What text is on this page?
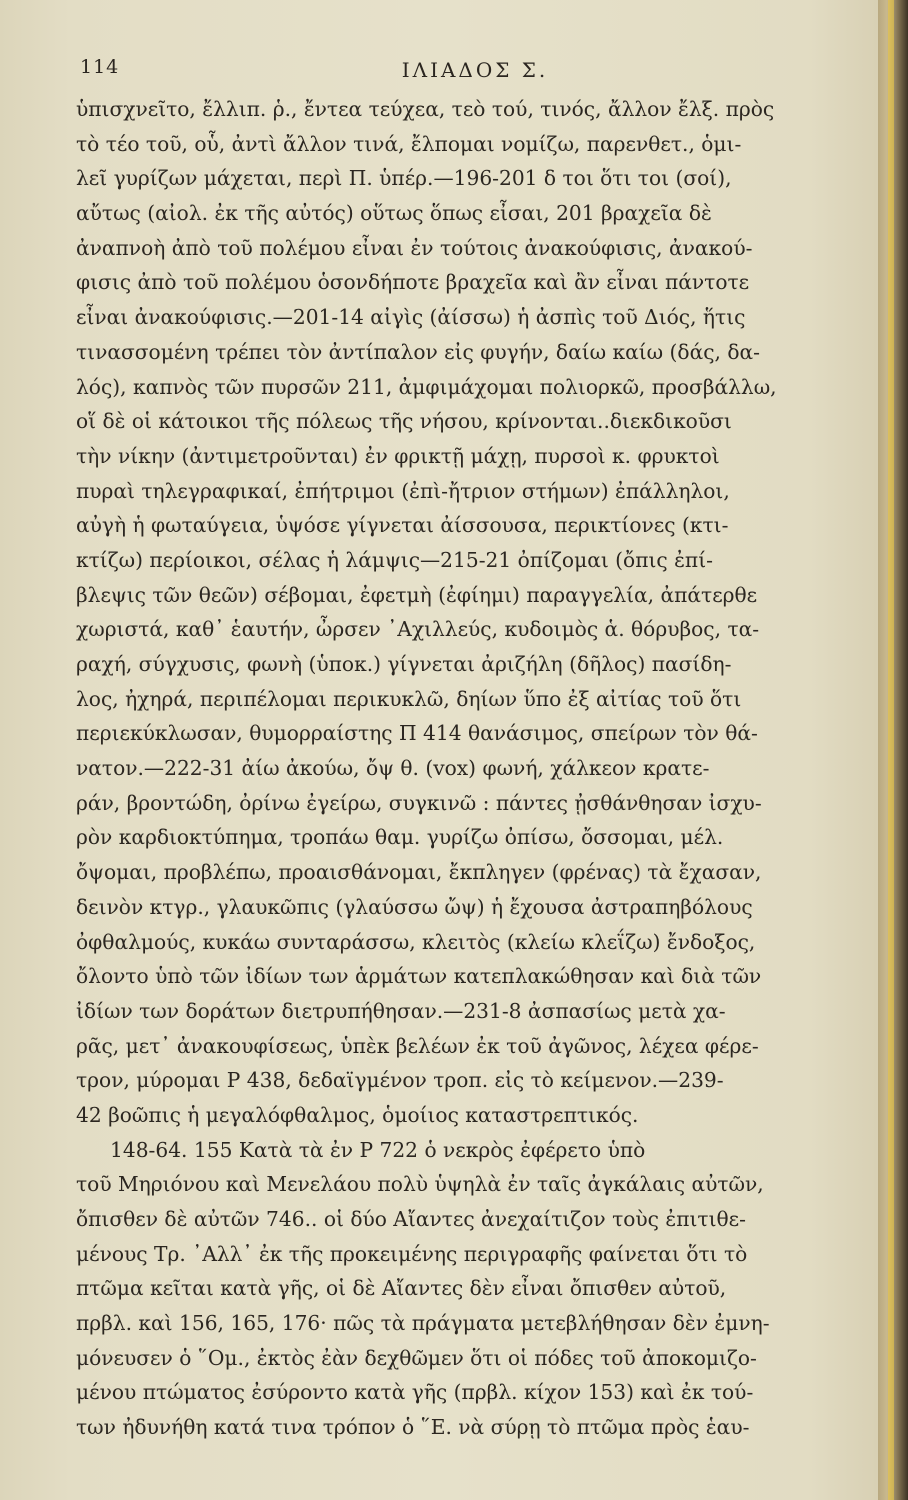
114	ΙΛΙΑΔΟΣ Σ.
ὑπισχνεῖτο, ἔλλιπ. ῥ., ἔντεα τεύχεα, τεὸ τού, τινός, ἄλλον ἔλξ. πρὸς
τὸ τέο τοῦ, οὗ, ἀντὶ ἄλλον τινά, ἔλπομαι νομίζω, παρενθετ., ὁμι-
λεῖ γυρίζων μάχεται, περὶ Π. ὑπέρ.—196-201 δ τοι ὅτι τοι (σοί),
αὔτως (αἰολ. ἐκ τῆς αὐτός) οὕτως ὅπως εἶσαι, 201 βραχεῖα δὲ
ἀναπνοὴ ἀπὸ τοῦ πολέμου εἶναι ἐν τούτοις ἀνακούφισις, ἀνακού-
φισις ἀπὸ τοῦ πολέμου ὁσονδήποτε βραχεῖα καὶ ἂν εἶναι πάντοτε
εἶναι ἀνακούφισις.—201-14 αἰγὶς (ἀίσσω) ἡ ἀσπὶς τοῦ Διός, ἥτις
τινασσομένη τρέπει τὸν ἀντίπαλον εἰς φυγήν, δαίω καίω (δάς, δα-
λός), καπνὸς τῶν πυρσῶν 211, ἀμφιμάχομαι πολιορκῶ, προσβάλλω,
οἵ δὲ οἱ κάτοικοι τῆς πόλεως τῆς νήσου, κρίνονται..διεκδικοῦσι
τὴν νίκην (ἀντιμετροῦνται) ἐν φρικτῇ μάχῃ, πυρσοὶ κ. φρυκτοὶ
πυραὶ τηλεγραφικαί, ἐπήτριμοι (ἐπὶ-ἤτριον στήμων) ἐπάλληλοι,
αὐγὴ ἡ φωταύγεια, ὑψόσε γίγνεται ἀίσσουσα, περικτίονες (κτι-
κτίζω) περίοικοι, σέλας ἡ λάμψις—215-21 ὀπίζομαι (ὄπις ἐπί-
βλεψις τῶν θεῶν) σέβομαι, ἐφετμὴ (ἐφίημι) παραγγελία, ἀπάτερθε
χωριστά, καθ᾽ ἑαυτήν, ὦρσεν ᾽Αχιλλεύς, κυδοιμὸς ἁ. θόρυβος, τα-
ραχή, σύγχυσις, φωνὴ (ὑποκ.) γίγνεται ἀριζήλη (δῆλος) πασίδη-
λος, ἠχηρά, περιπέλομαι περικυκλῶ, δηίων ὕπο ἐξ αἰτίας τοῦ ὅτι
περιεκύκλωσαν, θυμορραίστης Π 414 θανάσιμος, σπείρων τὸν θά-
νατον.—222-31 ἀίω ἀκούω, ὄψ θ. (vox) φωνή, χάλκεον κρατε-
ράν, βροντώδη, ὀρίνω ἐγείρω, συγκινῶ : πάντες ᾐσθάνθησαν ἰσχυ-
ρὸν καρδιοκτύπημα, τροπάω θαμ. γυρίζω ὀπίσω, ὄσσομαι, μέλ.
ὄψομαι, προβλέπω, προαισθάνομαι, ἔκπληγεν (φρένας) τὰ ἔχασαν,
δεινὸν κτγρ., γλαυκῶπις (γλαύσσω ὤψ) ἡ ἔχουσα ἀστραπηβόλους
ὀφθαλμούς, κυκάω συνταράσσω, κλειτὸς (κλείω κλεΐζω) ἔνδοξος,
ὄλοντο ὑπὸ τῶν ἰδίων των ἁρμάτων κατεπλακώθησαν καὶ διὰ τῶν
ἰδίων των δοράτων διετρυπήθησαν.—231-8 ἀσπασίως μετὰ χα-
ρᾶς, μετ᾽ ἀνακουφίσεως, ὑπὲκ βελέων ἐκ τοῦ ἀγῶνος, λέχεα φέρε-
τρον, μύρομαι Ρ 438, δεδαϊγμένον τροπ. εἰς τὸ κείμενον.—239-
42 βοῶπις ἡ μεγαλόφθαλμος, ὁμοίιος καταστρεπτικός.
148-64. 155 Κατὰ τὰ ἐν Ρ 722 ὁ νεκρὸς ἐφέρετο ὑπὸ
τοῦ Μηριόνου καὶ Μενελάου πολὺ ὑψηλὰ ἐν ταῖς ἀγκάλαις αὐτῶν,
ὄπισθεν δὲ αὐτῶν 746.. οἱ δύο Αἴαντες ἀνεχαίτιζον τοὺς ἐπιτιθε-
μένους Τρ. ᾽Αλλ᾽ ἐκ τῆς προκειμένης περιγραφῆς φαίνεται ὅτι τὸ
πτῶμα κεῖται κατὰ γῆς, οἱ δὲ Αἴαντες δὲν εἶναι ὄπισθεν αὐτοῦ,
πρβλ. καὶ 156, 165, 176· πῶς τὰ πράγματα μετεβλήθησαν δὲν ἐμνη-
μόνευσεν ὁ ῞Ομ., ἐκτὸς ἐὰν δεχθῶμεν ὅτι οἱ πόδες τοῦ ἀποκομιζο-
μένου πτώματος ἐσύροντο κατὰ γῆς (πρβλ. κίχον 153) καὶ ἐκ τού-
των ἠδυνήθη κατά τινα τρόπον ὁ ῞Ε. νὰ σύρῃ τὸ πτῶμα πρὸς ἑαυ-
